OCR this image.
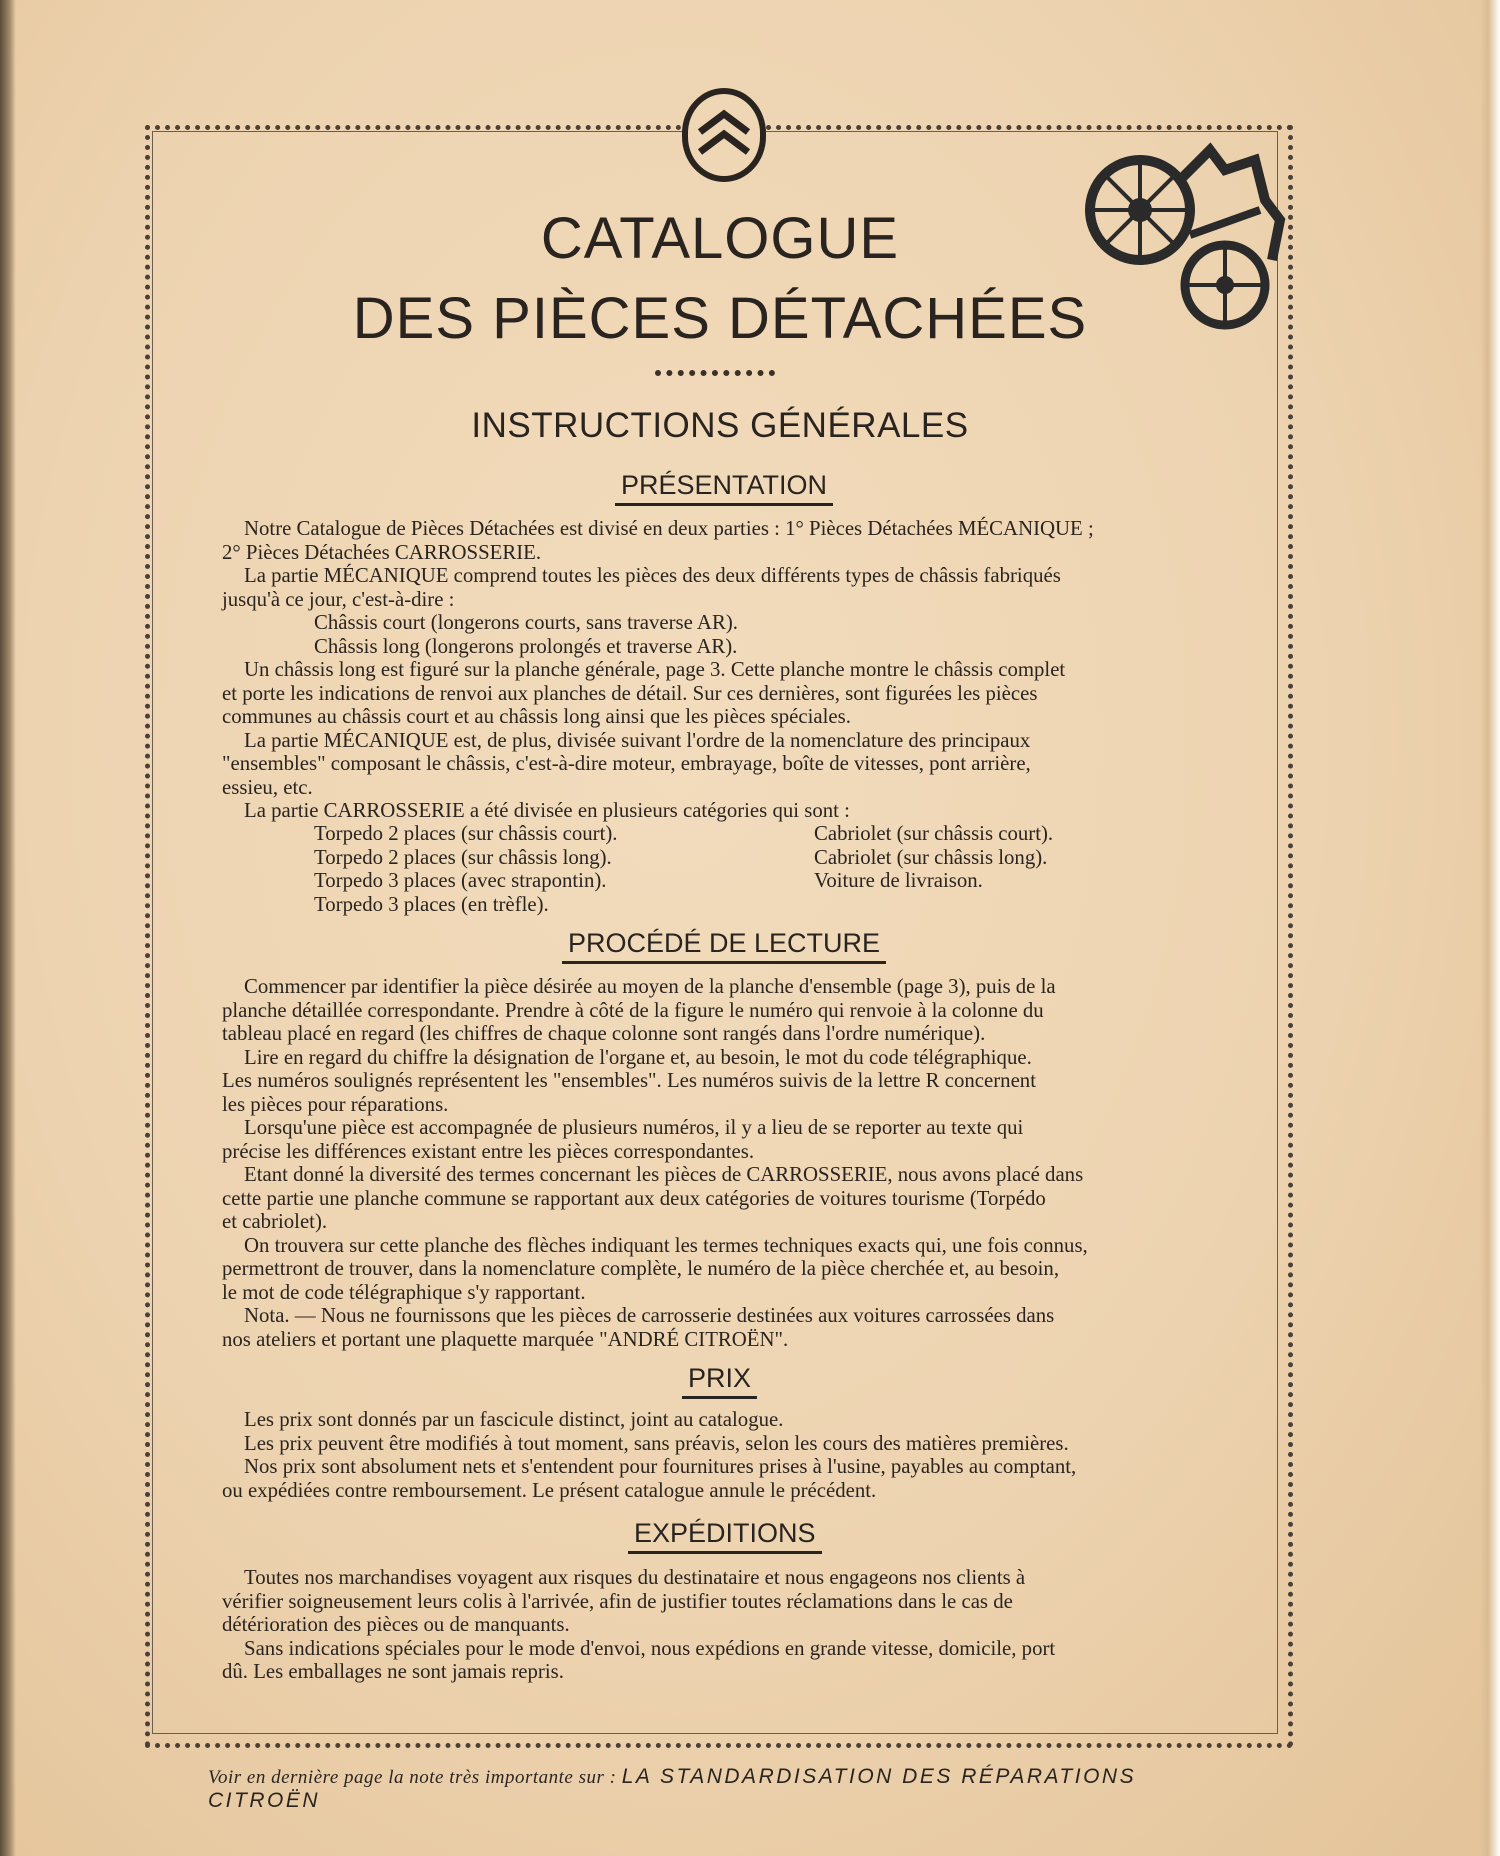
CATALOGUE
DES PIÈCES DÉTACHÉES
INSTRUCTIONS GÉNÉRALES
PRÉSENTATION
Notre Catalogue de Pièces Détachées est divisé en deux parties : 1° Pièces Détachées MÉCANIQUE ;
2° Pièces Détachées CARROSSERIE.
La partie MÉCANIQUE comprend toutes les pièces des deux différents types de châssis fabriqués
jusqu'à ce jour, c'est-à-dire :
Châssis court (longerons courts, sans traverse AR).
Châssis long (longerons prolongés et traverse AR).
Un châssis long est figuré sur la planche générale, page 3. Cette planche montre le châssis complet
et porte les indications de renvoi aux planches de détail. Sur ces dernières, sont figurées les pièces
communes au châssis court et au châssis long ainsi que les pièces spéciales.
La partie MÉCANIQUE est, de plus, divisée suivant l'ordre de la nomenclature des principaux
"ensembles" composant le châssis, c'est-à-dire moteur, embrayage, boîte de vitesses, pont arrière,
essieu, etc.
La partie CARROSSERIE a été divisée en plusieurs catégories qui sont :
Torpedo 2 places (sur châssis court).	Cabriolet (sur châssis court).
Torpedo 2 places (sur châssis long).	Cabriolet (sur châssis long).
Torpedo 3 places (avec strapontin).	Voiture de livraison.
Torpedo 3 places (en trèfle).
PROCÉDÉ DE LECTURE
Commencer par identifier la pièce désirée au moyen de la planche d'ensemble (page 3), puis de la
planche détaillée correspondante. Prendre à côté de la figure le numéro qui renvoie à la colonne du
tableau placé en regard (les chiffres de chaque colonne sont rangés dans l'ordre numérique).
Lire en regard du chiffre la désignation de l'organe et, au besoin, le mot du code télégraphique.
Les numéros soulignés représentent les "ensembles". Les numéros suivis de la lettre R concernent
les pièces pour réparations.
Lorsqu'une pièce est accompagnée de plusieurs numéros, il y a lieu de se reporter au texte qui
précise les différences existant entre les pièces correspondantes.
Etant donné la diversité des termes concernant les pièces de CARROSSERIE, nous avons placé dans
cette partie une planche commune se rapportant aux deux catégories de voitures tourisme (Torpédo
et cabriolet).
On trouvera sur cette planche des flèches indiquant les termes techniques exacts qui, une fois connus,
permettront de trouver, dans la nomenclature complète, le numéro de la pièce cherchée et, au besoin,
le mot de code télégraphique s'y rapportant.
Nota. — Nous ne fournissons que les pièces de carrosserie destinées aux voitures carrossées dans
nos ateliers et portant une plaquette marquée "ANDRÉ CITROËN".
PRIX
Les prix sont donnés par un fascicule distinct, joint au catalogue.
Les prix peuvent être modifiés à tout moment, sans préavis, selon les cours des matières premières.
Nos prix sont absolument nets et s'entendent pour fournitures prises à l'usine, payables au comptant,
ou expédiées contre remboursement. Le présent catalogue annule le précédent.
EXPÉDITIONS
Toutes nos marchandises voyagent aux risques du destinataire et nous engageons nos clients à
vérifier soigneusement leurs colis à l'arrivée, afin de justifier toutes réclamations dans le cas de
détérioration des pièces ou de manquants.
Sans indications spéciales pour le mode d'envoi, nous expédions en grande vitesse, domicile, port
dû. Les emballages ne sont jamais repris.
Voir en dernière page la note très importante sur : LA STANDARDISATION DES RÉPARATIONS CITROËN
